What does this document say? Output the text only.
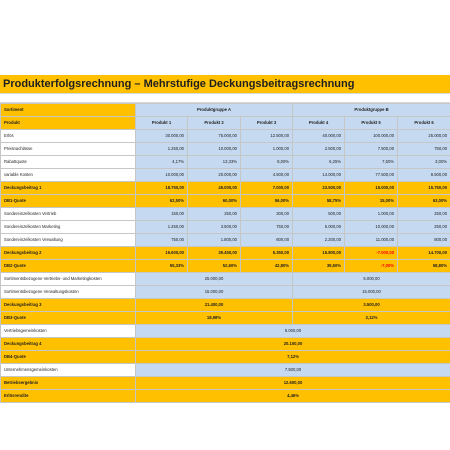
Produkterfolgsrechnung – Mehrstufige Deckungsbeitragsrechnung
Sortiment	Produktgruppe A			Produktgruppe B		
Produkt	Produkt 1	Produkt 2	Produkt 3	Produkt 4	Produkt 5	Produkt 6
Erlös	30.000,00	75.000,00	12.500,00	40.000,00	100.000,00	25.000,00
Preisnachlässe	1.250,00	10.000,00	1.000,00	2.500,00	7.500,00	750,00
Rabattquote	4,17%	13,33%	8,00%	6,25%	7,50%	3,00%
variable Kosten	10.000,00	20.000,00	4.500,00	14.000,00	77.500,00	8.500,00
Deckungsbeitrag 1	18.750,00	45.000,00	7.000,00	23.500,00	15.000,00	15.750,00
DB1-Quote	62,50%	60,00%	56,00%	58,75%	15,00%	63,00%
Sondereinzelkosten Vertrieb	150,00	250,00	300,00	500,00	1.000,00	250,00
Sondereinzelkosten Marketing	1.250,00	3.500,00	750,00	5.000,00	10.000,00	250,00
Sondereinzelkosten Verwaltung	750,00	1.800,00	600,00	2.200,00	11.000,00	800,00
Deckungsbeitrag 2	16.600,00	39.450,00	5.350,00	15.800,00	-7.000,00	14.700,00
DB2-Quote	55,33%	52,60%	42,80%	39,50%	-7,00%	58,80%
Sortimentsbezogene Vertriebs- und Marketingkosten	25.000,00			5.000,00		
Sortimentsbezogene Verwaltungskosten	15.000,00			15.000,00		
Deckungsbeitrag 3	21.400,00			3.500,00		
DB3-Quote	18,98%			2,12%		
Vertriebsgemeinkosten	5.000,00					
Deckungsbeitrag 4	20.100,00					
DB4-Quote	7,12%					
Unternehmensgemeinkosten	7.500,00					
Betriebsergebnis	12.600,00					
Erlösrendite	4,46%					
